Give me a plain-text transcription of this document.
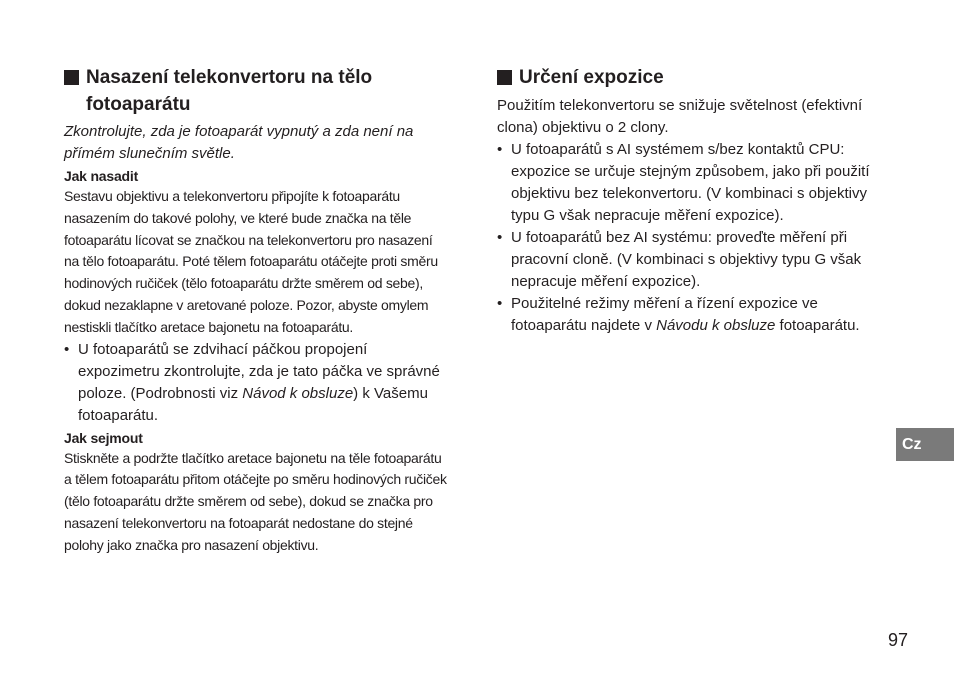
Nasazení telekonvertoru na tělo
fotoaparátu

Zkontrolujte, zda je fotoaparát vypnutý a zda není na přímém slunečním světle.

Jak nasadit

Sestavu objektivu a telekonvertoru připojíte k fotoaparátu nasazením do takové polohy, ve které bude značka na těle fotoaparátu lícovat se značkou na telekonvertoru pro nasazení na tělo fotoaparátu. Poté tělem fotoaparátu otáčejte proti směru hodinových ručiček (tělo fotoaparátu držte směrem od sebe), dokud nezaklapne v aretované poloze. Pozor, abyste omylem nestiskli tlačítko aretace bajonetu na fotoaparátu.

• U fotoaparátů se zdvihací páčkou propojení expozimetru zkontrolujte, zda je tato páčka ve správné poloze. (Podrobnosti viz Návod k obsluze) k Vašemu fotoaparátu.
Jak sejmout

Stiskněte a podržte tlačítko aretace bajonetu na těle fotoaparátu a tělem fotoaparátu přitom otáčejte po směru hodinových ručiček (tělo fotoaparátu držte směrem od sebe), dokud se značka pro nasazení telekonvertoru na fotoaparát nedostane do stejné polohy jako značka pro nasazení objektivu.

Určení expozice

Použitím telekonvertoru se snižuje světelnost (efektivní clona) objektivu o 2 clony.

• U fotoaparátů s AI systémem s/bez kontaktů CPU: expozice se určuje stejným způsobem, jako při použití objektivu bez telekonvertoru. (V kombinaci s objektivy typu G však nepracuje měření expozice).
• U fotoaparátů bez AI systému: proveďte měření při pracovní cloně. (V kombinaci s objektivy typu G však nepracuje měření expozice).
• Použitelné režimy měření a řízení expozice ve fotoaparátu najdete v Návodu k obsluze fotoaparátu.
Cz
97
